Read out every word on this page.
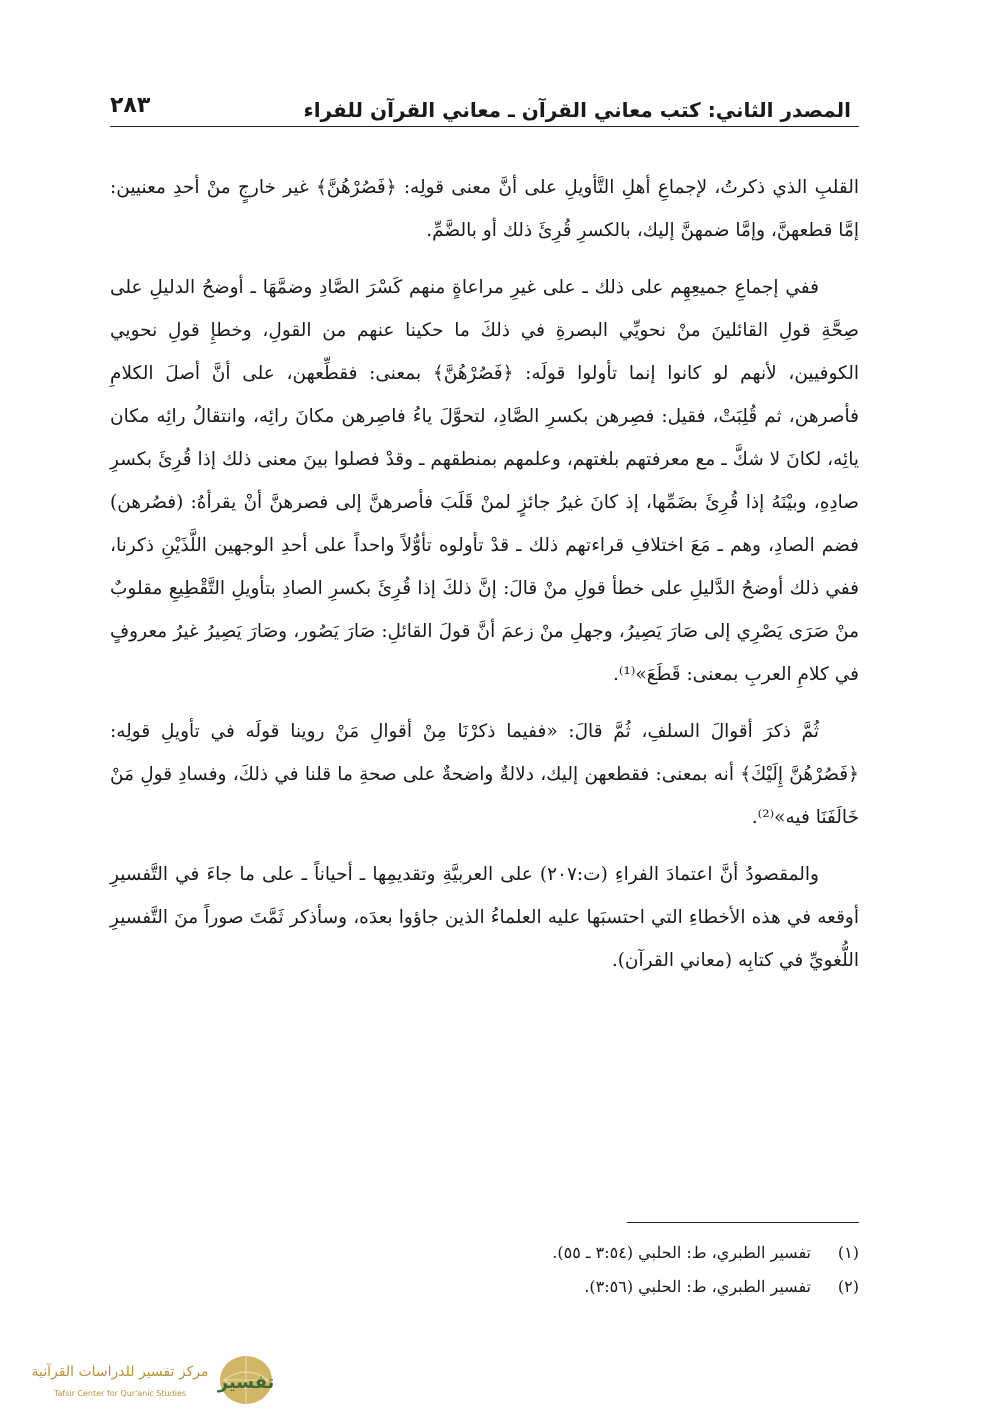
المصدر الثاني: كتب معاني القرآن ـ معاني القرآن للفراء
٢٨٣

القلبِ الذي ذكرتُ، لإجماعِ أهلِ التَّأويلِ على أنَّ معنى قولِه: ﴿فَصُرْهُنَّ﴾ غير خارجٍ منْ أحدِ معنيين: إمَّا قطعهنَّ، وإمَّا ضمهنَّ إليك، بالكسرِ قُرِئَ ذلك أو بالضَّمِّ.

ففي إجماعِ جميعِهِم على ذلك ـ على غيرِ مراعاةٍ منهم كَسْرَ الصَّادِ وضمَّهَا ـ أوضحُ الدليلِ على صِحَّةِ قولِ القائلينَ منْ نحويِّي البصرةِ في ذلكَ ما حكينا عنهم من القولِ، وخطإِ قولِ نحويي الكوفيين، لأنهم لو كانوا إنما تأولوا قولَه: ﴿فَصُرْهُنَّ﴾ بمعنى: فقطِّعهن، على أنَّ أصلَ الكلامِ فأصرهن، ثم قُلِبَتْ، فقيل: فصِرهن بكسرِ الصَّادِ، لتحوَّلَ ياءُ فاصِرهن مكانَ رائِه، وانتقالُ رائِه مكان يائِه، لكانَ لا شكَّ ـ مع معرفتهم بلغتهم، وعلمهم بمنطقهم ـ وقدْ فصلوا بينَ معنى ذلك إذا قُرِئَ بكسرِ صادِهِ، وبيْنَهُ إذا قُرِئَ بضَمِّها، إذ كانَ غيرُ جائزٍ لمنْ قَلَبَ فأصرهنَّ إلى فصرهنَّ أنْ يقرأهُ: (فصُرهن) فضم الصادِ، وهم ـ مَعَ اختلافِ قراءتهم ذلك ـ قدْ تأولوه تأوُّلاً واحداً على أحدِ الوجهين اللَّذَيْنِ ذكرنا، ففي ذلك أوضحُ الدَّليلِ على خطأ قولِ منْ قالَ: إنَّ ذلكَ إذا قُرِئَ بكسرِ الصادِ بتأويلِ التَّقْطِيعِ مقلوبٌ منْ صَرَى يَصْرِي إلى صَارَ يَصِيرُ، وجهلِ منْ زعمَ أنَّ قولَ القائلِ: صَارَ يَصُور، وصَارَ يَصِيرُ غيرُ معروفٍ في كلامِ العربِ بمعنى: قَطَعَ»⁽¹⁾.

ثُمَّ ذكرَ أقوالَ السلفِ، ثُمَّ قالَ: «ففيما ذكرْنَا مِنْ أقوالِ مَنْ روينا قولَه في تأويلِ قولِه: ﴿فَصُرْهُنَّ إِلَيْكَ﴾ أنه بمعنى: فقطعهن إليك، دلالةٌ واضحةٌ على صحةِ ما قلنا في ذلكَ، وفسادِ قولِ مَنْ خَالَفَنَا فيه»⁽²⁾.

والمقصودُ أنَّ اعتمادَ الفراءِ (ت:٢٠٧) على العربيَّةِ وتقديمِها ـ أحياناً ـ على ما جاءَ في التَّفسيرِ أوقعه في هذه الأخطاءِ التي احتسبَها عليه العلماءُ الذين جاؤوا بعدَه، وسأذكر ثَمَّتَ صوراً منَ التَّفسيرِ اللُّغويِّ في كتابِه (معاني القرآن).

(١)
تفسير الطبري، ط: الحلبي (٣:٥٤ ـ ٥٥).
(٢)
تفسير الطبري، ط: الحلبي (٣:٥٦).
تفسير
مركز تفسير للدراسات القرآنية
Tafsir Center for Qur'anic Studies
